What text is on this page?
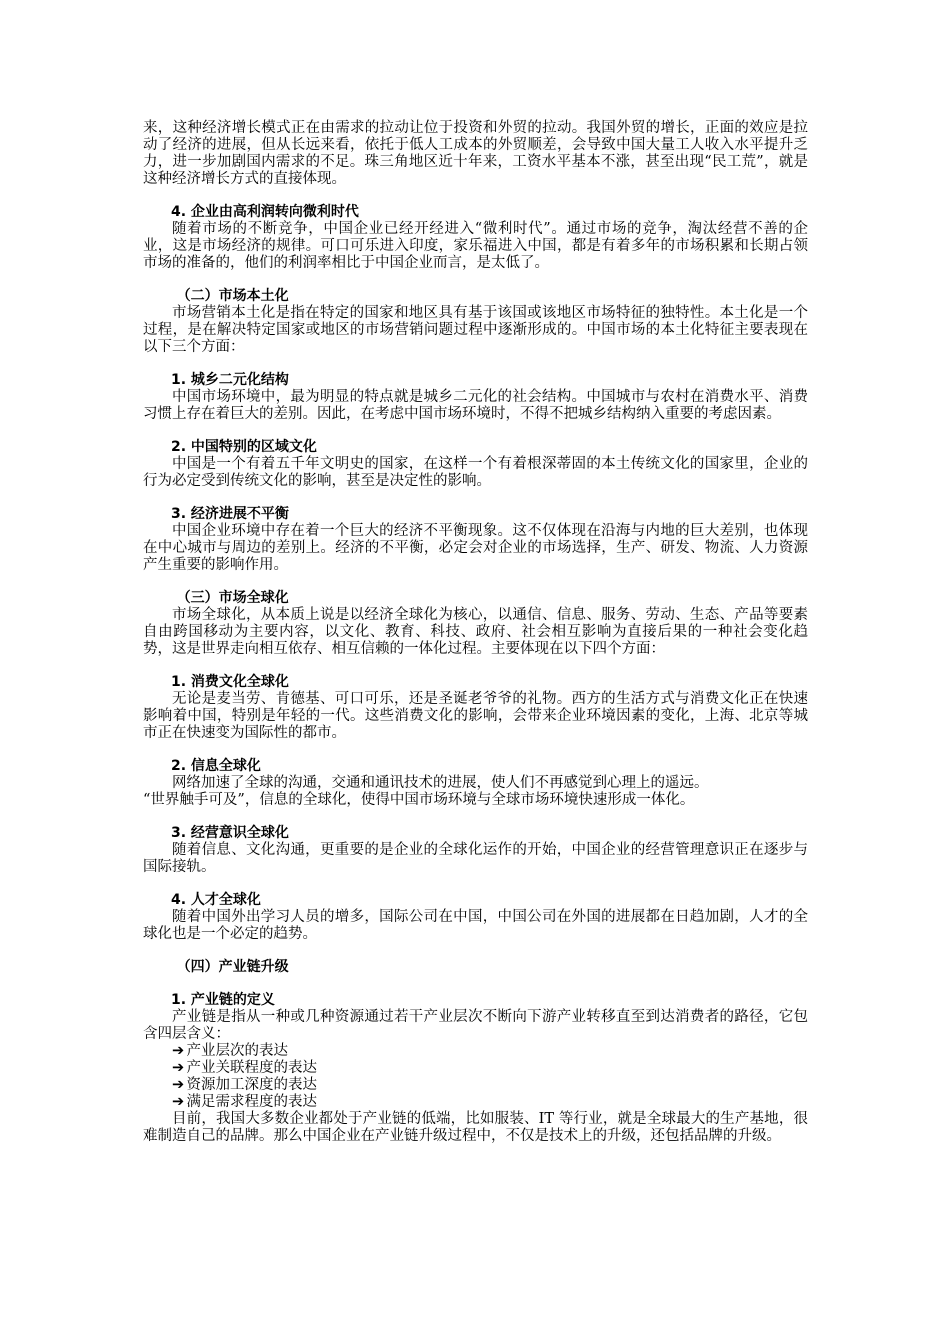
来，这种经济增长模式正在由需求的拉动让位于投资和外贸的拉动。我国外贸的增长，正面的效应是拉动了经济的进展，但从长远来看，依托于低人工成本的外贸顺差，会导致中国大量工人收入水平提升乏力，进一步加剧国内需求的不足。珠三角地区近十年来，工资水平基本不涨，甚至出现“民工荒”，就是这种经济增长方式的直接体现。

4. 企业由高利润转向微利时代

随着市场的不断竞争，中国企业已经开经进入“微利时代”。通过市场的竞争，淘汰经营不善的企业，这是市场经济的规律。可口可乐进入印度，家乐福进入中国，都是有着多年的市场积累和长期占领市场的准备的，他们的利润率相比于中国企业而言，是太低了。

（二）市场本土化

市场营销本土化是指在特定的国家和地区具有基于该国或该地区市场特征的独特性。本土化是一个过程，是在解决特定国家或地区的市场营销问题过程中逐渐形成的。中国市场的本土化特征主要表现在以下三个方面：

1. 城乡二元化结构

中国市场环境中，最为明显的特点就是城乡二元化的社会结构。中国城市与农村在消费水平、消费习惯上存在着巨大的差别。因此，在考虑中国市场环境时，不得不把城乡结构纳入重要的考虑因素。

2. 中国特别的区域文化

中国是一个有着五千年文明史的国家，在这样一个有着根深蒂固的本土传统文化的国家里，企业的行为必定受到传统文化的影响，甚至是决定性的影响。

3. 经济进展不平衡

中国企业环境中存在着一个巨大的经济不平衡现象。这不仅体现在沿海与内地的巨大差别，也体现在中心城市与周边的差别上。经济的不平衡，必定会对企业的市场选择，生产、研发、物流、人力资源产生重要的影响作用。

（三）市场全球化

市场全球化，从本质上说是以经济全球化为核心，以通信、信息、服务、劳动、生态、产品等要素自由跨国移动为主要内容，以文化、教育、科技、政府、社会相互影响为直接后果的一种社会变化趋势，这是世界走向相互依存、相互信赖的一体化过程。主要体现在以下四个方面：

1. 消费文化全球化

无论是麦当劳、肯德基、可口可乐，还是圣诞老爷爷的礼物。西方的生活方式与消费文化正在快速影响着中国，特别是年轻的一代。这些消费文化的影响，会带来企业环境因素的变化，上海、北京等城市正在快速变为国际性的都市。

2. 信息全球化

网络加速了全球的沟通，交通和通讯技术的进展，使人们不再感觉到心理上的遥远。

“世界触手可及”，信息的全球化，使得中国市场环境与全球市场环境快速形成一体化。

3. 经营意识全球化

随着信息、文化沟通，更重要的是企业的全球化运作的开始，中国企业的经营管理意识正在逐步与国际接轨。

4. 人才全球化

随着中国外出学习人员的增多，国际公司在中国，中国公司在外国的进展都在日趋加剧，人才的全球化也是一个必定的趋势。

（四）产业链升级

1. 产业链的定义

产业链是指从一种或几种资源通过若干产业层次不断向下游产业转移直至到达消费者的路径，它包含四层含义：

➔ 产业层次的表达
➔ 产业关联程度的表达
➔ 资源加工深度的表达
➔ 满足需求程度的表达

目前，我国大多数企业都处于产业链的低端，比如服装、IT 等行业，就是全球最大的生产基地，很难制造自己的品牌。那么中国企业在产业链升级过程中，不仅是技术上的升级，还包括品牌的升级。
